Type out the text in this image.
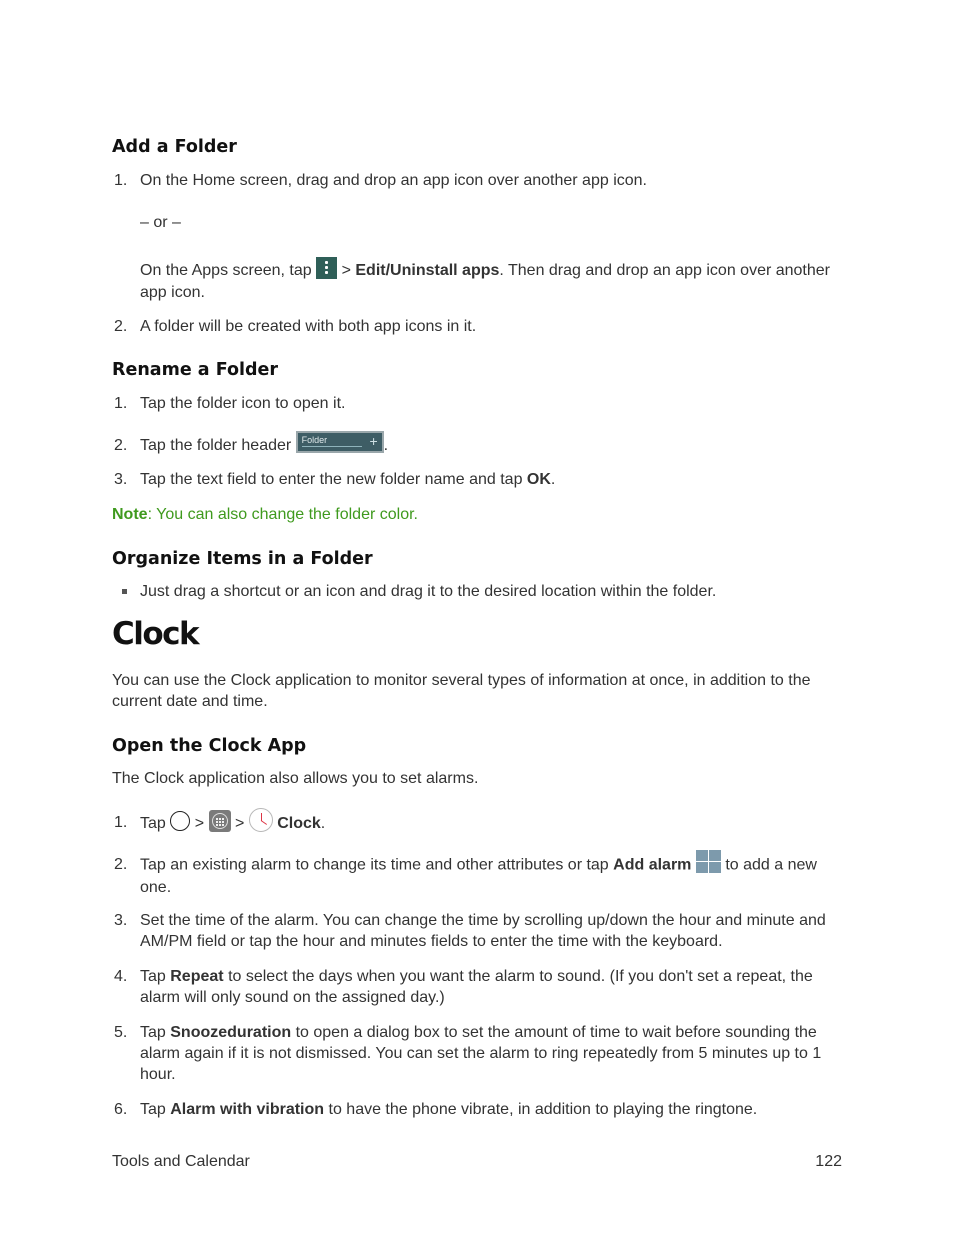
Add a Folder
1. On the Home screen, drag and drop an app icon over another app icon.
– or –
On the Apps screen, tap > Edit/Uninstall apps. Then drag and drop an app icon over another app icon.
2. A folder will be created with both app icons in it.
Rename a Folder
1. Tap the folder icon to open it.
2. Tap the folder header Folder	+ .
3. Tap the text field to enter the new folder name and tap OK.
Note: You can also change the folder color.
Organize Items in a Folder
Just drag a shortcut or an icon and drag it to the desired location within the folder.
Clock
You can use the Clock application to monitor several types of information at once, in addition to the current date and time.
Open the Clock App
The Clock application also allows you to set alarms.
1. Tap > > Clock.
2. Tap an existing alarm to change its time and other attributes or tap Add alarm to add a new one.
3. Set the time of the alarm. You can change the time by scrolling up/down the hour and minute and AM/PM field or tap the hour and minutes fields to enter the time with the keyboard.
4. Tap Repeat to select the days when you want the alarm to sound. (If you don't set a repeat, the alarm will only sound on the assigned day.)
5. Tap Snoozeduration to open a dialog box to set the amount of time to wait before sounding the alarm again if it is not dismissed. You can set the alarm to ring repeatedly from 5 minutes up to 1 hour.
6. Tap Alarm with vibration to have the phone vibrate, in addition to playing the ringtone.
Tools and Calendar	122
